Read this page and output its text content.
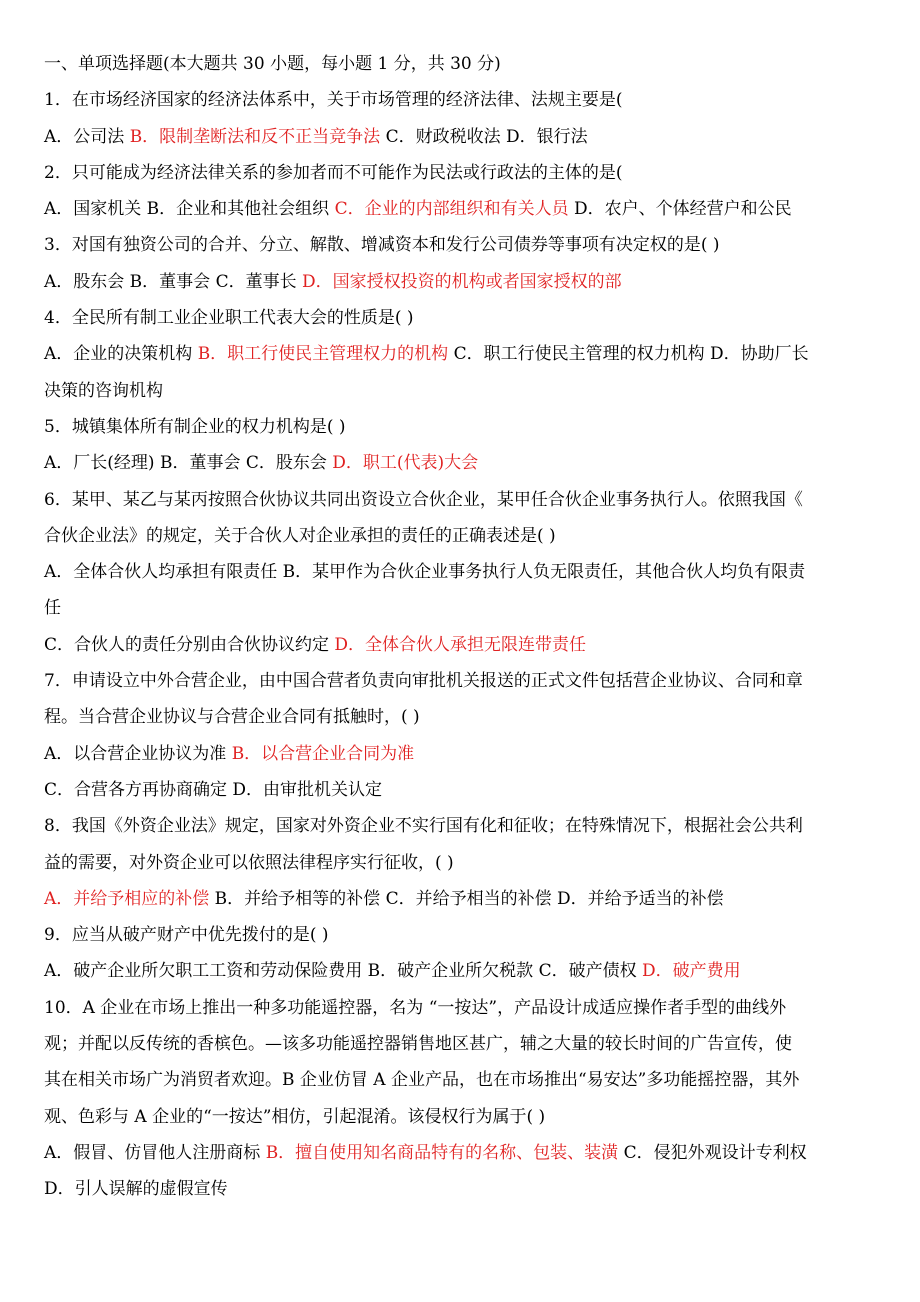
一、单项选择题(本大题共 30 小题，每小题 1 分，共 30 分)
1．在市场经济国家的经济法体系中，关于市场管理的经济法律、法规主要是(
A．公司法 B．限制垄断法和反不正当竞争法 C．财政税收法 D．银行法
2．只可能成为经济法律关系的参加者而不可能作为民法或行政法的主体的是(
A．国家机关 B．企业和其他社会组织 C．企业的内部组织和有关人员 D．农户、个体经营户和公民
3．对国有独资公司的合并、分立、解散、增减资本和发行公司债券等事项有决定权的是( )
A．股东会 B．董事会 C．董事长 D．国家授权投资的机构或者国家授权的部
4．全民所有制工业企业职工代表大会的性质是( )
A．企业的决策机构 B．职工行使民主管理权力的机构 C．职工行使民主管理的权力机构 D．协助厂长
决策的咨询机构
5．城镇集体所有制企业的权力机构是( )
A．厂长(经理) B．董事会 C．股东会 D．职工(代表)大会
6．某甲、某乙与某丙按照合伙协议共同出资设立合伙企业，某甲任合伙企业事务执行人。依照我国《
合伙企业法》的规定，关于合伙人对企业承担的责任的正确表述是( )
A．全体合伙人均承担有限责任 B．某甲作为合伙企业事务执行人负无限责任，其他合伙人均负有限责
任
C．合伙人的责任分别由合伙协议约定 D．全体合伙人承担无限连带责任
7．申请设立中外合营企业，由中国合营者负责向审批机关报送的正式文件包括营企业协议、合同和章
程。当合营企业协议与合营企业合同有抵触时，( )
A．以合营企业协议为准 B．以合营企业合同为准
C．合营各方再协商确定 D．由审批机关认定
8．我国《外资企业法》规定，国家对外资企业不实行国有化和征收；在特殊情况下，根据社会公共利
益的需要，对外资企业可以依照法律程序实行征收，( )
A．并给予相应的补偿 B．并给予相等的补偿 C．并给予相当的补偿 D．并给予适当的补偿
9．应当从破产财产中优先拨付的是( )
A．破产企业所欠职工工资和劳动保险费用 B．破产企业所欠税款 C．破产债权 D．破产费用
10．A 企业在市场上推出一种多功能遥控器，名为 “一按达”，产品设计成适应操作者手型的曲线外
观；并配以反传统的香槟色。—该多功能遥控器销售地区甚广，辅之大量的较长时间的广告宣传，使
其在相关市场广为消贸者欢迎。B 企业仿冒 A 企业产品，也在市场推出“易安达”多功能摇控器，其外
观、色彩与 A 企业的“一按达”相仿，引起混淆。该侵权行为属于( )
A．假冒、仿冒他人注册商标 B．擅自使用知名商品特有的名称、包装、装潢 C．侵犯外观设计专利权
D．引人误解的虚假宣传
